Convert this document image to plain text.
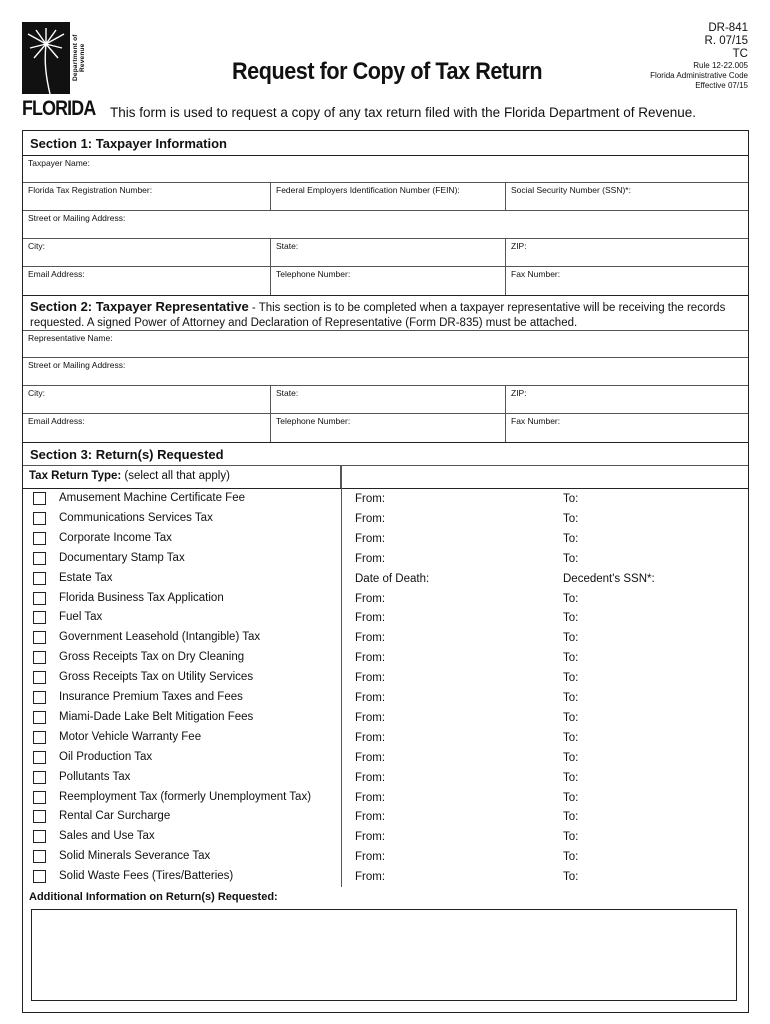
Department of Revenue
FLORIDA
Request for Copy of Tax Return
DR-841
R. 07/15
TC
Rule 12-22.005
Florida Administrative Code
Effective 07/15
This form is used to request a copy of any tax return filed with the Florida Department of Revenue.
Section 1: Taxpayer Information
Taxpayer Name:
Florida Tax Registration Number:	Federal Employers Identification Number (FEIN):	Social Security Number (SSN)*:
Street or Mailing Address:
City:	State:	ZIP:
Email Address:	Telephone Number:	Fax Number:
Section 2: Taxpayer Representative - This section is to be completed when a taxpayer representative will be receiving the records requested. A signed Power of Attorney and Declaration of Representative (Form DR-835) must be attached.
Representative Name:
Street or Mailing Address:
City:	State:	ZIP:
Email Address:	Telephone Number:	Fax Number:
Section 3: Return(s) Requested
Tax Return Type: (select all that apply)
Amusement Machine Certificate Fee	From:	To:
Communications Services Tax	From:	To:
Corporate Income Tax	From:	To:
Documentary Stamp Tax	From:	To:
Estate Tax	Date of Death:	Decedent's SSN*:
Florida Business Tax Application	From:	To:
Fuel Tax	From:	To:
Government Leasehold (Intangible) Tax	From:	To:
Gross Receipts Tax on Dry Cleaning	From:	To:
Gross Receipts Tax on Utility Services	From:	To:
Insurance Premium Taxes and Fees	From:	To:
Miami-Dade Lake Belt Mitigation Fees	From:	To:
Motor Vehicle Warranty Fee	From:	To:
Oil Production Tax	From:	To:
Pollutants Tax	From:	To:
Reemployment Tax (formerly Unemployment Tax)	From:	To:
Rental Car Surcharge	From:	To:
Sales and Use Tax	From:	To:
Solid Minerals Severance Tax	From:	To:
Solid Waste Fees (Tires/Batteries)	From:	To:
Additional Information on Return(s) Requested:
